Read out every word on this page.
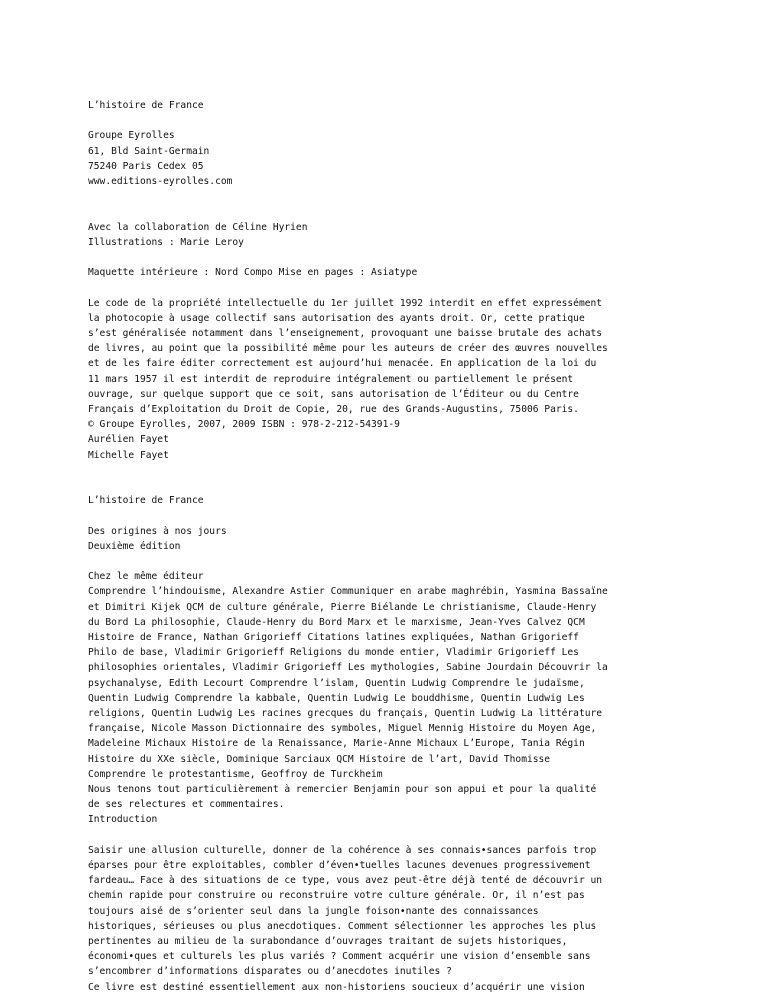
L’histoire de France
Groupe Eyrolles
61, Bld Saint-Germain
75240 Paris Cedex 05
www.editions-eyrolles.com
Avec la collaboration de Céline Hyrien
Illustrations : Marie Leroy
Maquette intérieure : Nord Compo Mise en pages : Asiatype
Le code de la propriété intellectuelle du 1er juillet 1992 interdit en effet expressément
la photocopie à usage collectif sans autorisation des ayants droit. Or, cette pratique
s’est généralisée notamment dans l’enseignement, provoquant une baisse brutale des achats
de livres, au point que la possibilité même pour les auteurs de créer des œuvres nouvelles
et de les faire éditer correctement est aujourd’hui menacée. En application de la loi du
11 mars 1957 il est interdit de reproduire intégralement ou partiellement le présent
ouvrage, sur quelque support que ce soit, sans autorisation de l’Éditeur ou du Centre
Français d’Exploitation du Droit de Copie, 20, rue des Grands-Augustins, 75006 Paris.
© Groupe Eyrolles, 2007, 2009 ISBN : 978-2-212-54391-9
Aurélien Fayet
Michelle Fayet
L’histoire de France
Des origines à nos jours
Deuxième édition
Chez le même éditeur
Comprendre l’hindouisme, Alexandre Astier Communiquer en arabe maghrébin, Yasmina Bassaïne
et Dimitri Kijek QCM de culture générale, Pierre Biélande Le christianisme, Claude-Henry
du Bord La philosophie, Claude-Henry du Bord Marx et le marxisme, Jean-Yves Calvez QCM
Histoire de France, Nathan Grigorieff Citations latines expliquées, Nathan Grigorieff
Philo de base, Vladimir Grigorieff Religions du monde entier, Vladimir Grigorieff Les
philosophies orientales, Vladimir Grigorieff Les mythologies, Sabine Jourdain Découvrir la
psychanalyse, Edith Lecourt Comprendre l’islam, Quentin Ludwig Comprendre le judaïsme,
Quentin Ludwig Comprendre la kabbale, Quentin Ludwig Le bouddhisme, Quentin Ludwig Les
religions, Quentin Ludwig Les racines grecques du français, Quentin Ludwig La littérature
française, Nicole Masson Dictionnaire des symboles, Miguel Mennig Histoire du Moyen Age,
Madeleine Michaux Histoire de la Renaissance, Marie-Anne Michaux L’Europe, Tania Régin
Histoire du XXe siècle, Dominique Sarciaux QCM Histoire de l’art, David Thomisse
Comprendre le protestantisme, Geoffroy de Turckheim
Nous tenons tout particulièrement à remercier Benjamin pour son appui et pour la qualité
de ses relectures et commentaires.
Introduction
Saisir une allusion culturelle, donner de la cohérence à ses connais•sances parfois trop
éparses pour être exploitables, combler d’éven•tuelles lacunes devenues progressivement
fardeau… Face à des situations de ce type, vous avez peut-être déjà tenté de découvrir un
chemin rapide pour construire ou reconstruire votre culture générale. Or, il n’est pas
toujours aisé de s’orienter seul dans la jungle foison•nante des connaissances
historiques, sérieuses ou plus anecdotiques. Comment sélectionner les approches les plus
pertinentes au milieu de la surabondance d’ouvrages traitant de sujets historiques,
économi•ques et culturels les plus variés ? Comment acquérir une vision d’ensemble sans
s’encombrer d’informations disparates ou d’anecdotes inutiles ?
Ce livre est destiné essentiellement aux non-historiens soucieux d’acquérir une vision
